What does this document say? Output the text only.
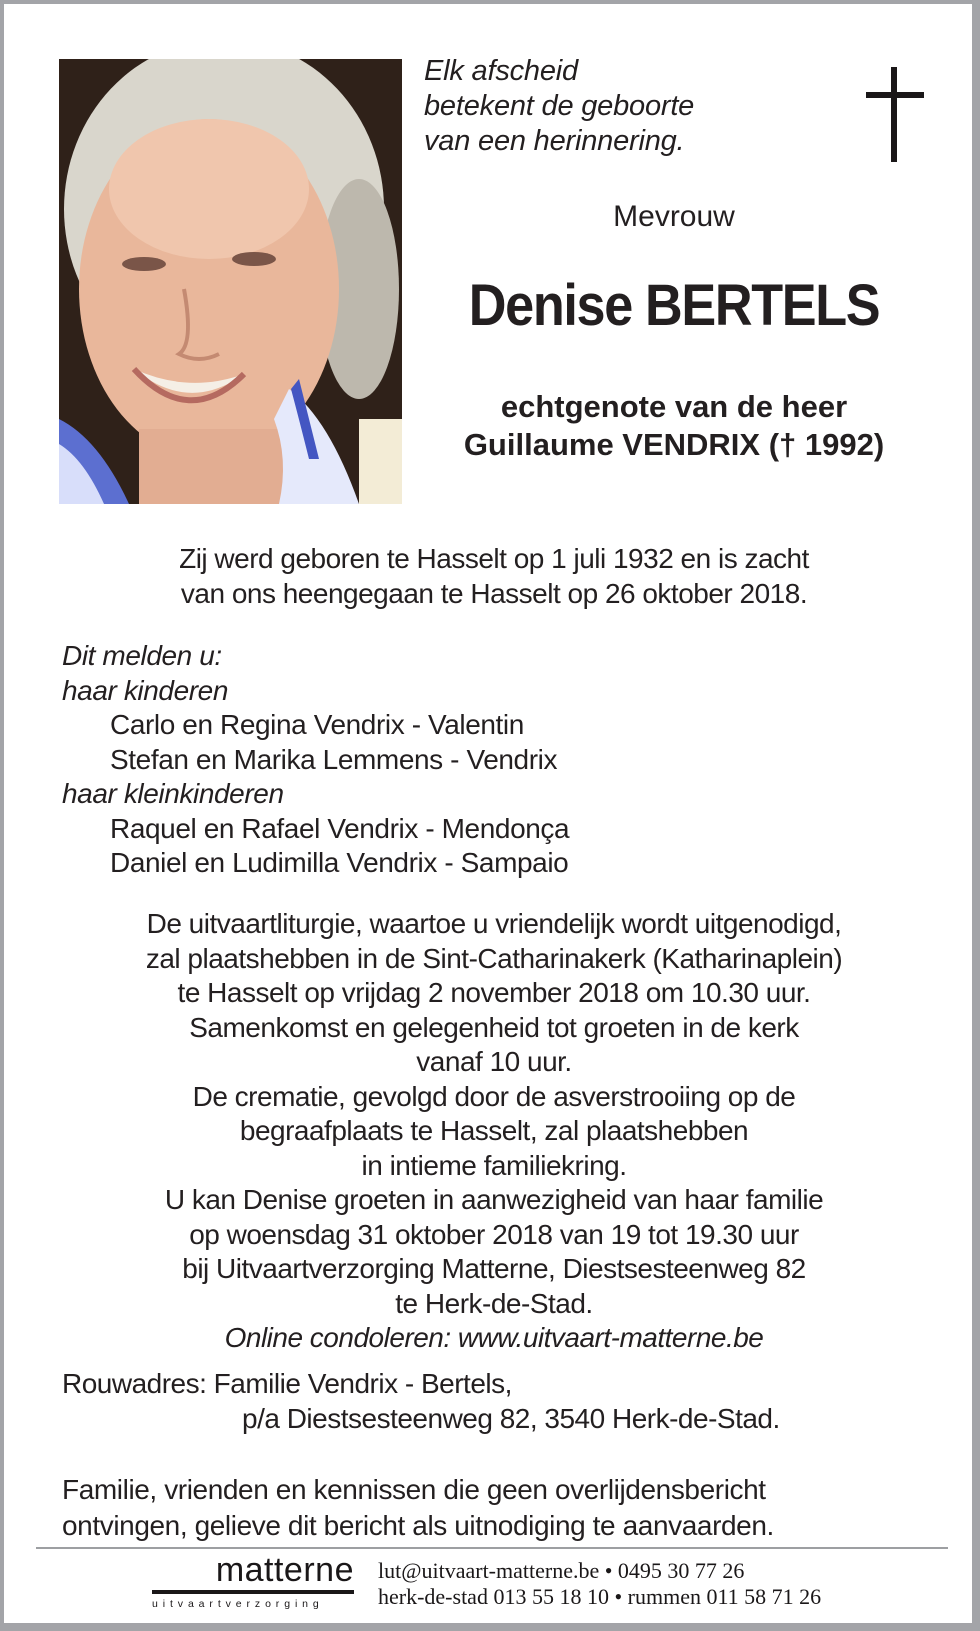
Elk afscheid
betekent de geboorte
van een herinnering.
Mevrouw
Denise BERTELS
echtgenote van de heer
Guillaume VENDRIX († 1992)
Zij werd geboren te Hasselt op 1 juli 1932 en is zacht
van ons heengegaan te Hasselt op 26 oktober 2018.
Dit melden u:
haar kinderen
Carlo en Regina Vendrix - Valentin
Stefan en Marika Lemmens - Vendrix
haar kleinkinderen
Raquel en Rafael Vendrix - Mendonça
Daniel en Ludimilla Vendrix - Sampaio
De uitvaartliturgie, waartoe u vriendelijk wordt uitgenodigd,
zal plaatshebben in de Sint-Catharinakerk (Katharinaplein)
te Hasselt op vrijdag 2 november 2018 om 10.30 uur.
Samenkomst en gelegenheid tot groeten in de kerk
vanaf 10 uur.
De crematie, gevolgd door de asverstrooiing op de
begraafplaats te Hasselt, zal plaatshebben
in intieme familiekring.
U kan Denise groeten in aanwezigheid van haar familie
op woensdag 31 oktober 2018 van 19 tot 19.30 uur
bij Uitvaartverzorging Matterne, Diestsesteenweg 82
te Herk-de-Stad.
Online condoleren: www.uitvaart-matterne.be
Rouwadres: Familie Vendrix - Bertels,
p/a Diestsesteenweg 82, 3540 Herk-de-Stad.
Familie, vrienden en kennissen die geen overlijdensbericht
ontvingen, gelieve dit bericht als uitnodiging te aanvaarden.
matterne
uitvaartverzorging
lut@uitvaart-matterne.be • 0495 30 77 26
herk-de-stad 013 55 18 10 • rummen 011 58 71 26
